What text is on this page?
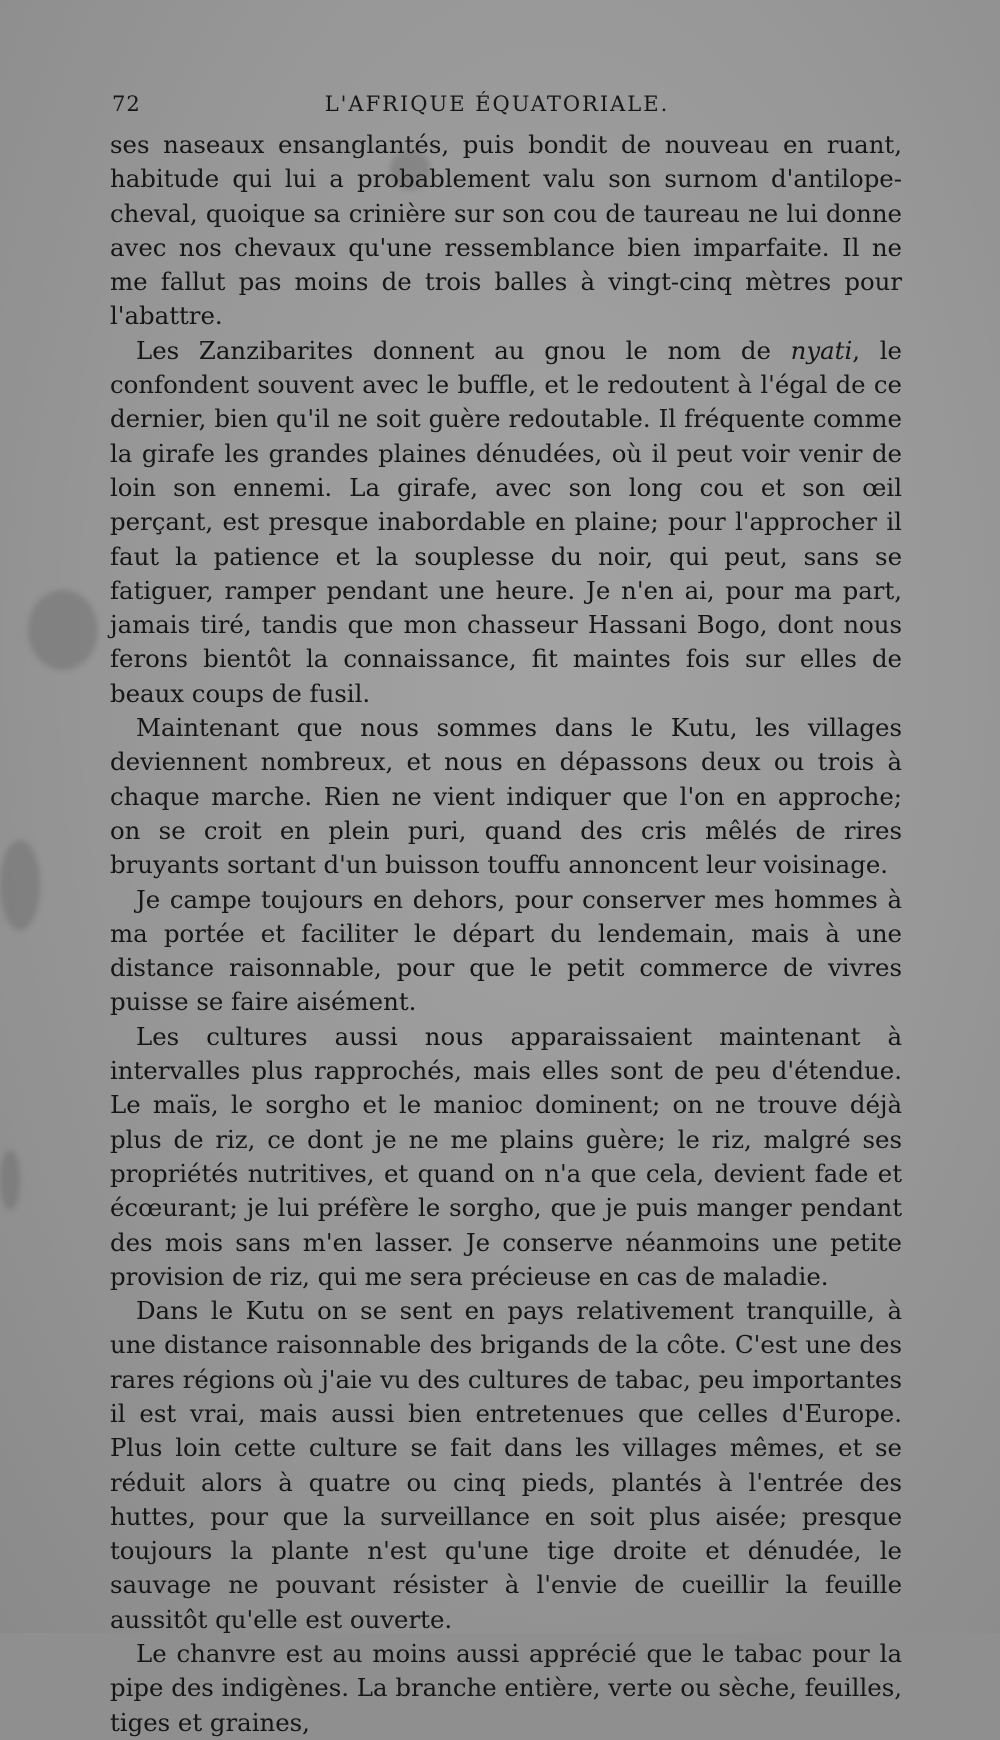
72	L'AFRIQUE ÉQUATORIALE.

ses naseaux ensanglantés, puis bondit de nouveau en ruant, habitude qui lui a probablement valu son surnom d'antilope-cheval, quoique sa crinière sur son cou de taureau ne lui donne avec nos chevaux qu'une ressemblance bien imparfaite. Il ne me fallut pas moins de trois balles à vingt-cinq mètres pour l'abattre.

Les Zanzibarites donnent au gnou le nom de nyati, le confondent souvent avec le buffle, et le redoutent à l'égal de ce dernier, bien qu'il ne soit guère redoutable. Il fréquente comme la girafe les grandes plaines dénudées, où il peut voir venir de loin son ennemi. La girafe, avec son long cou et son œil perçant, est presque inabordable en plaine; pour l'approcher il faut la patience et la souplesse du noir, qui peut, sans se fatiguer, ramper pendant une heure. Je n'en ai, pour ma part, jamais tiré, tandis que mon chasseur Hassani Bogo, dont nous ferons bientôt la connaissance, fit maintes fois sur elles de beaux coups de fusil.

Maintenant que nous sommes dans le Kutu, les villages deviennent nombreux, et nous en dépassons deux ou trois à chaque marche. Rien ne vient indiquer que l'on en approche; on se croit en plein puri, quand des cris mêlés de rires bruyants sortant d'un buisson touffu annoncent leur voisinage.

Je campe toujours en dehors, pour conserver mes hommes à ma portée et faciliter le départ du lendemain, mais à une distance raisonnable, pour que le petit commerce de vivres puisse se faire aisément.

Les cultures aussi nous apparaissaient maintenant à intervalles plus rapprochés, mais elles sont de peu d'étendue. Le maïs, le sorgho et le manioc dominent; on ne trouve déjà plus de riz, ce dont je ne me plains guère; le riz, malgré ses propriétés nutritives, et quand on n'a que cela, devient fade et écœurant; je lui préfère le sorgho, que je puis manger pendant des mois sans m'en lasser. Je conserve néanmoins une petite provision de riz, qui me sera précieuse en cas de maladie.

Dans le Kutu on se sent en pays relativement tranquille, à une distance raisonnable des brigands de la côte. C'est une des rares régions où j'aie vu des cultures de tabac, peu importantes il est vrai, mais aussi bien entretenues que celles d'Europe. Plus loin cette culture se fait dans les villages mêmes, et se réduit alors à quatre ou cinq pieds, plantés à l'entrée des huttes, pour que la surveillance en soit plus aisée; presque toujours la plante n'est qu'une tige droite et dénudée, le sauvage ne pouvant résister à l'envie de cueillir la feuille aussitôt qu'elle est ouverte.

Le chanvre est au moins aussi apprécié que le tabac pour la pipe des indigènes. La branche entière, verte ou sèche, feuilles, tiges et graines,
